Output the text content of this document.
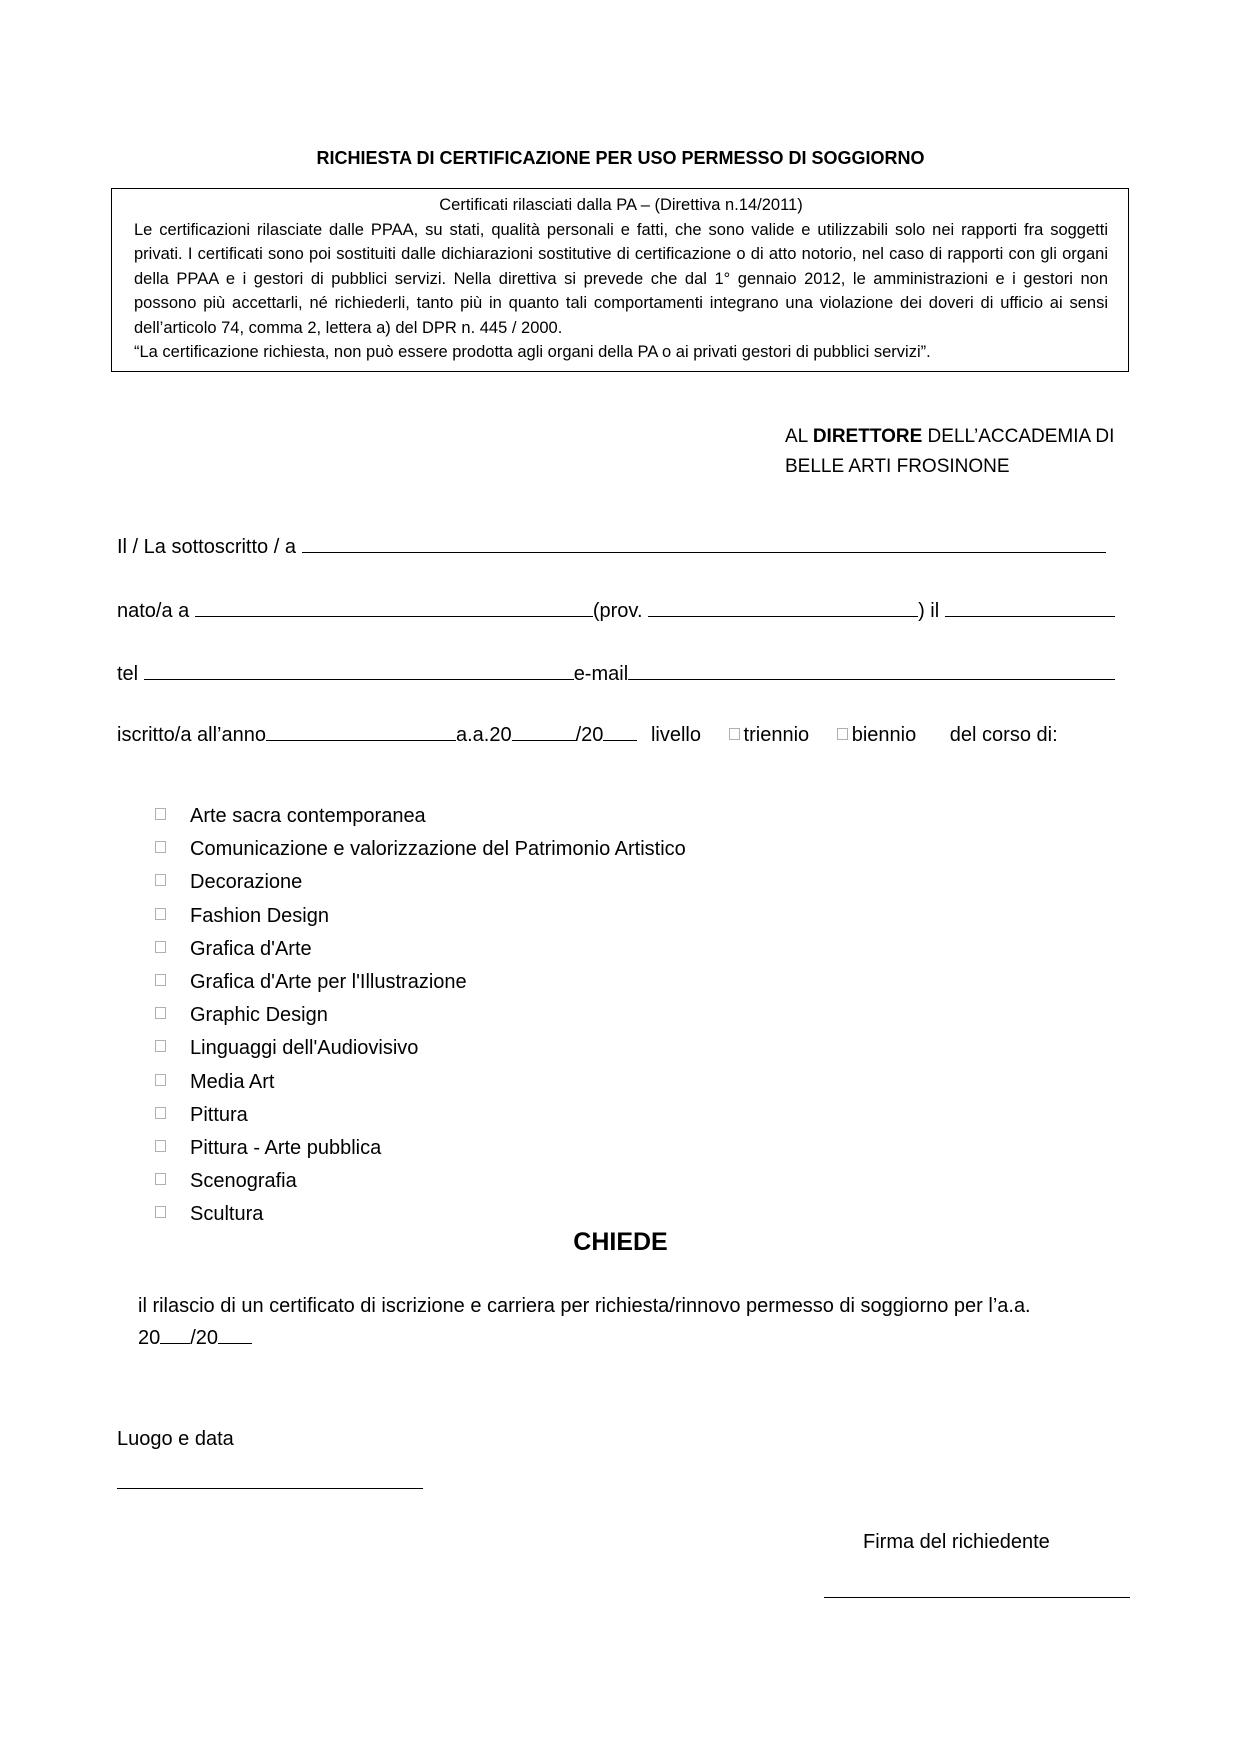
RICHIESTA DI CERTIFICAZIONE PER USO PERMESSO DI SOGGIORNO
Certificati rilasciati dalla PA – (Direttiva n.14/2011)
Le certificazioni rilasciate dalle PPAA, su stati, qualità personali e fatti, che sono valide e utilizzabili solo nei rapporti fra soggetti privati. I certificati sono poi sostituiti dalle dichiarazioni sostitutive di certificazione o di atto notorio, nel caso di rapporti con gli organi della PPAA e i gestori di pubblici servizi. Nella direttiva si prevede che dal 1° gennaio 2012, le amministrazioni e i gestori non possono più accettarli, né richiederli, tanto più in quanto tali comportamenti integrano una violazione dei doveri di ufficio ai sensi dell’articolo 74, comma 2, lettera a) del DPR n. 445 / 2000.
“La certificazione richiesta, non può essere prodotta agli organi della PA o ai privati gestori di pubblici servizi”.
AL DIRETTORE DELL’ACCADEMIA DI BELLE ARTI FROSINONE
Il / La sottoscritto / a
nato/a a	(prov.	) il
tel	e-mail
iscritto/a all’anno	a.a.20	/20 livello triennio biennio del corso di:
Arte sacra contemporanea
Comunicazione e valorizzazione del Patrimonio Artistico
Decorazione
Fashion Design
Grafica d'Arte
Grafica d'Arte per l'Illustrazione
Graphic Design
Linguaggi dell'Audiovisivo
Media Art
Pittura
Pittura - Arte pubblica
Scenografia
Scultura
CHIEDE
il rilascio di un certificato di iscrizione e carriera per richiesta/rinnovo permesso di soggiorno per l’a.a.
20 /20
Luogo e data
Firma del richiedente
